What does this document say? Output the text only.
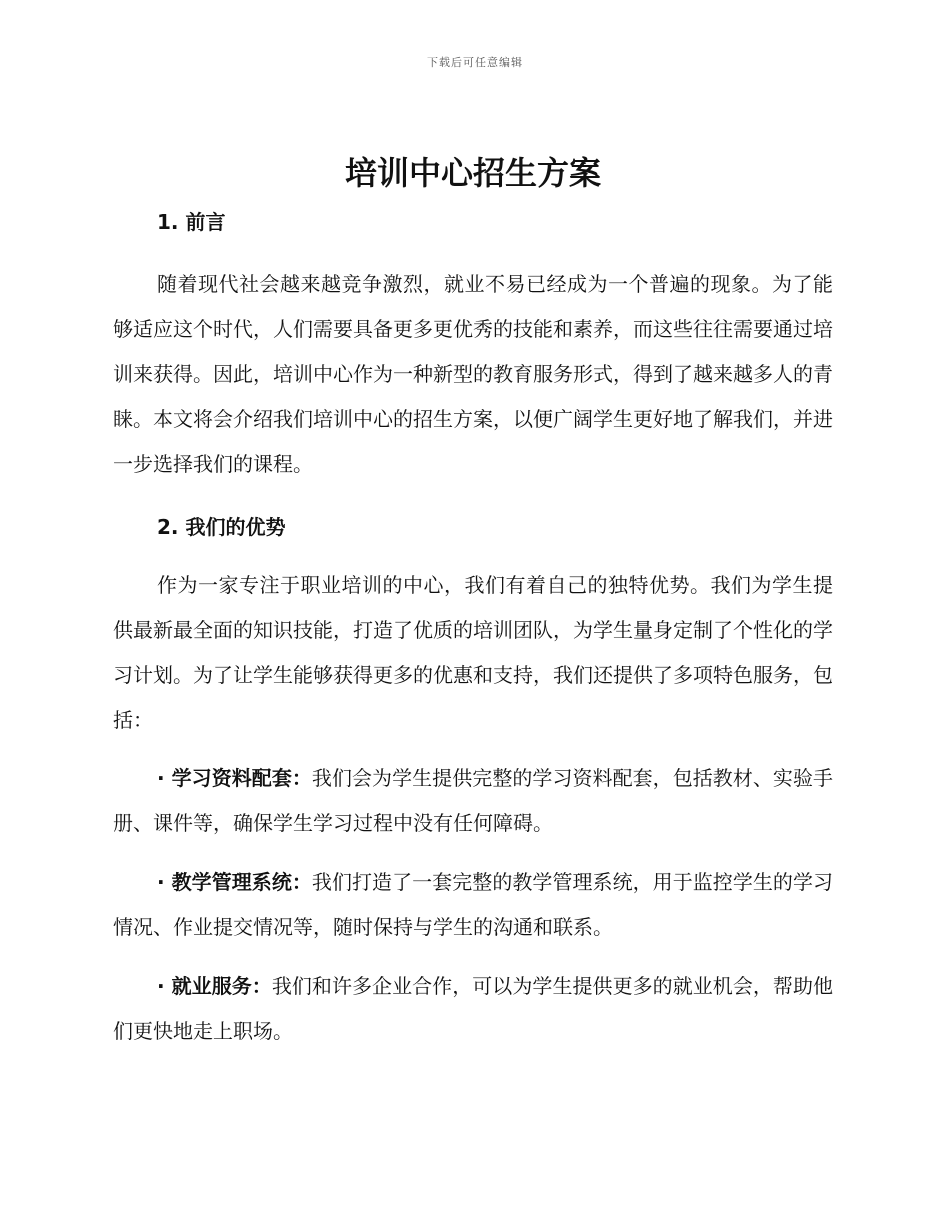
下载后可任意编辑
培训中心招生方案
1. 前言

随着现代社会越来越竞争激烈，就业不易已经成为一个普遍的现象。为了能够适应这个时代，人们需要具备更多更优秀的技能和素养，而这些往往需要通过培训来获得。因此，培训中心作为一种新型的教育服务形式，得到了越来越多人的青睐。本文将会介绍我们培训中心的招生方案，以便广阔学生更好地了解我们，并进一步选择我们的课程。

2. 我们的优势

作为一家专注于职业培训的中心，我们有着自己的独特优势。我们为学生提供最新最全面的知识技能，打造了优质的培训团队，为学生量身定制了个性化的学习计划。为了让学生能够获得更多的优惠和支持，我们还提供了多项特色服务，包括：

· 学习资料配套：我们会为学生提供完整的学习资料配套，包括教材、实验手册、课件等，确保学生学习过程中没有任何障碍。

· 教学管理系统：我们打造了一套完整的教学管理系统，用于监控学生的学习情况、作业提交情况等，随时保持与学生的沟通和联系。

· 就业服务：我们和许多企业合作，可以为学生提供更多的就业机会，帮助他们更快地走上职场。
